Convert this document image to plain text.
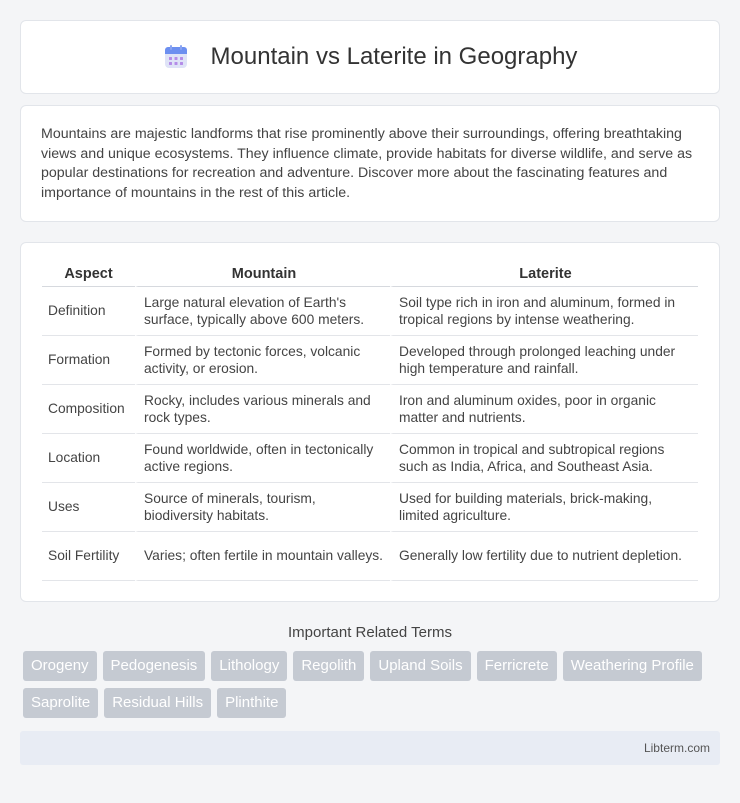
Mountain vs Laterite in Geography

Mountains are majestic landforms that rise prominently above their surroundings, offering breathtaking views and unique ecosystems. They influence climate, provide habitats for diverse wildlife, and serve as popular destinations for recreation and adventure. Discover more about the fascinating features and importance of mountains in the rest of this article.

Aspect	Mountain	Laterite
Definition	Large natural elevation of Earth's surface, typically above 600 meters.	Soil type rich in iron and aluminum, formed in tropical regions by intense weathering.
Formation	Formed by tectonic forces, volcanic activity, or erosion.	Developed through prolonged leaching under high temperature and rainfall.
Composition	Rocky, includes various minerals and rock types.	Iron and aluminum oxides, poor in organic matter and nutrients.
Location	Found worldwide, often in tectonically active regions.	Common in tropical and subtropical regions such as India, Africa, and Southeast Asia.
Uses	Source of minerals, tourism, biodiversity habitats.	Used for building materials, brick-making, limited agriculture.
Soil Fertility	Varies; often fertile in mountain valleys.	Generally low fertility due to nutrient depletion.
Important Related Terms
Orogeny	Pedogenesis	Lithology	Regolith	Upland Soils	Ferricrete	Weathering Profile
Saprolite	Residual Hills	Plinthite
Libterm.com
